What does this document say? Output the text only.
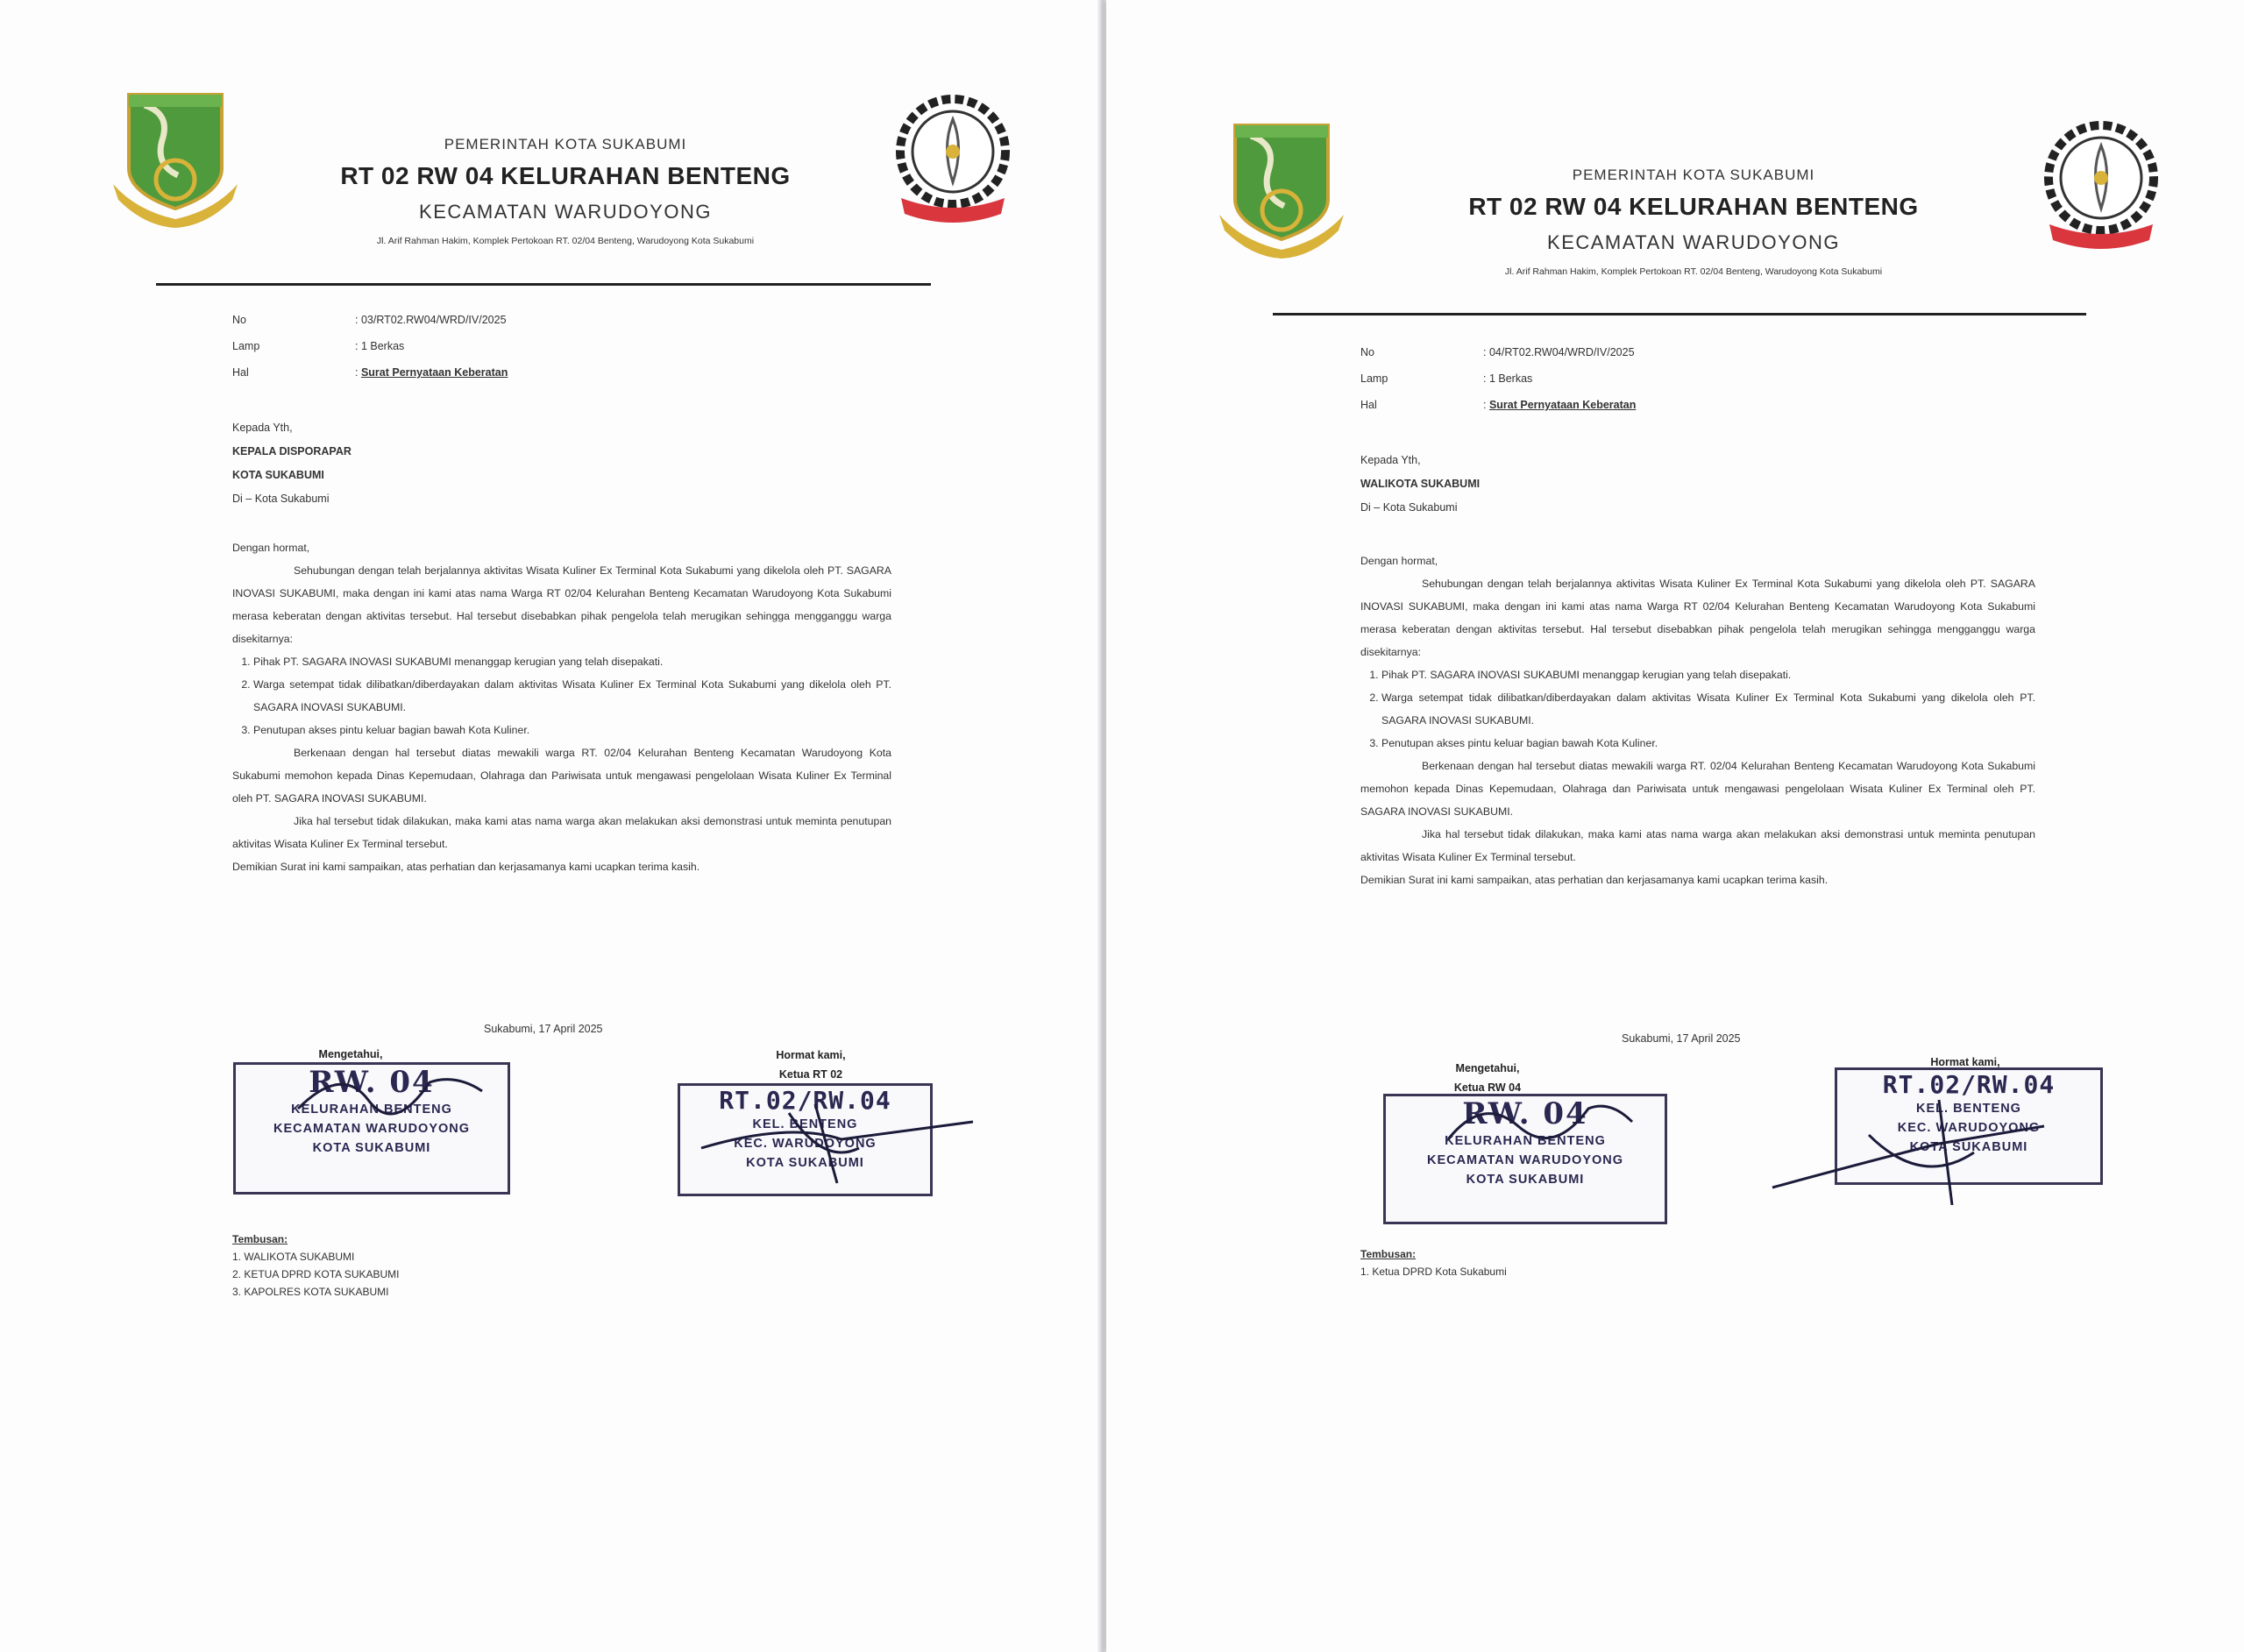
PEMERINTAH KOTA SUKABUMI
RT 02 RW 04 KELURAHAN BENTENG
KECAMATAN WARUDOYONG
Jl. Arif Rahman Hakim, Komplek Pertokoan RT. 02/04 Benteng, Warudoyong Kota Sukabumi
No	: 03/RT02.RW04/WRD/IV/2025
Lamp	: 1 Berkas
Hal	: Surat Pernyataan Keberatan
Kepada Yth,
KEPALA DISPORAPAR
KOTA SUKABUMI
Di – Kota Sukabumi

Dengan hormat,

Sehubungan dengan telah berjalannya aktivitas Wisata Kuliner Ex Terminal Kota Sukabumi yang dikelola oleh PT. SAGARA INOVASI SUKABUMI, maka dengan ini kami atas nama Warga RT 02/04 Kelurahan Benteng Kecamatan Warudoyong Kota Sukabumi merasa keberatan dengan aktivitas tersebut. Hal tersebut disebabkan pihak pengelola telah merugikan sehingga mengganggu warga disekitarnya:

1. Pihak PT. SAGARA INOVASI SUKABUMI menanggap kerugian yang telah disepakati.
2. Warga setempat tidak dilibatkan/diberdayakan dalam aktivitas Wisata Kuliner Ex Terminal Kota Sukabumi yang dikelola oleh PT. SAGARA INOVASI SUKABUMI.
3. Penutupan akses pintu keluar bagian bawah Kota Kuliner.

Berkenaan dengan hal tersebut diatas mewakili warga RT. 02/04 Kelurahan Benteng Kecamatan Warudoyong Kota Sukabumi memohon kepada Dinas Kepemudaan, Olahraga dan Pariwisata untuk mengawasi pengelolaan Wisata Kuliner Ex Terminal oleh PT. SAGARA INOVASI SUKABUMI.

Jika hal tersebut tidak dilakukan, maka kami atas nama warga akan melakukan aksi demonstrasi untuk meminta penutupan aktivitas Wisata Kuliner Ex Terminal tersebut.

Demikian Surat ini kami sampaikan, atas perhatian dan kerjasamanya kami ucapkan terima kasih.

Sukabumi, 17 April 2025
Mengetahui,	Hormat kami,
Ketua RT 02
RW. 04
KELURAHAN BENTENG
KECAMATAN WARUDOYONG
KOTA SUKABUMI
RT.02/RW.04
KEL. BENTENG
KEC. WARUDOYONG
KOTA SUKABUMI
Tembusan:
1. WALIKOTA SUKABUMI
2. KETUA DPRD KOTA SUKABUMI
3. KAPOLRES KOTA SUKABUMI
PEMERINTAH KOTA SUKABUMI
RT 02 RW 04 KELURAHAN BENTENG
KECAMATAN WARUDOYONG
Jl. Arif Rahman Hakim, Komplek Pertokoan RT. 02/04 Benteng, Warudoyong Kota Sukabumi
No	: 04/RT02.RW04/WRD/IV/2025
Lamp	: 1 Berkas
Hal	: Surat Pernyataan Keberatan
Kepada Yth,
WALIKOTA SUKABUMI
Di – Kota Sukabumi

Dengan hormat,

Sehubungan dengan telah berjalannya aktivitas Wisata Kuliner Ex Terminal Kota Sukabumi yang dikelola oleh PT. SAGARA INOVASI SUKABUMI, maka dengan ini kami atas nama Warga RT 02/04 Kelurahan Benteng Kecamatan Warudoyong Kota Sukabumi merasa keberatan dengan aktivitas tersebut. Hal tersebut disebabkan pihak pengelola telah merugikan sehingga mengganggu warga disekitarnya:

1. Pihak PT. SAGARA INOVASI SUKABUMI menanggap kerugian yang telah disepakati.
2. Warga setempat tidak dilibatkan/diberdayakan dalam aktivitas Wisata Kuliner Ex Terminal Kota Sukabumi yang dikelola oleh PT. SAGARA INOVASI SUKABUMI.
3. Penutupan akses pintu keluar bagian bawah Kota Kuliner.

Berkenaan dengan hal tersebut diatas mewakili warga RT. 02/04 Kelurahan Benteng Kecamatan Warudoyong Kota Sukabumi memohon kepada Dinas Kepemudaan, Olahraga dan Pariwisata untuk mengawasi pengelolaan Wisata Kuliner Ex Terminal oleh PT. SAGARA INOVASI SUKABUMI.

Jika hal tersebut tidak dilakukan, maka kami atas nama warga akan melakukan aksi demonstrasi untuk meminta penutupan aktivitas Wisata Kuliner Ex Terminal tersebut.

Demikian Surat ini kami sampaikan, atas perhatian dan kerjasamanya kami ucapkan terima kasih.

Sukabumi, 17 April 2025
Mengetahui,
Ketua RW 04
Hormat kami,
RW. 04
KELURAHAN BENTENG
KECAMATAN WARUDOYONG
KOTA SUKABUMI
RT.02/RW.04
KEL. BENTENG
KEC. WARUDOYONG
KOTA SUKABUMI
Tembusan:
1. Ketua DPRD Kota Sukabumi
